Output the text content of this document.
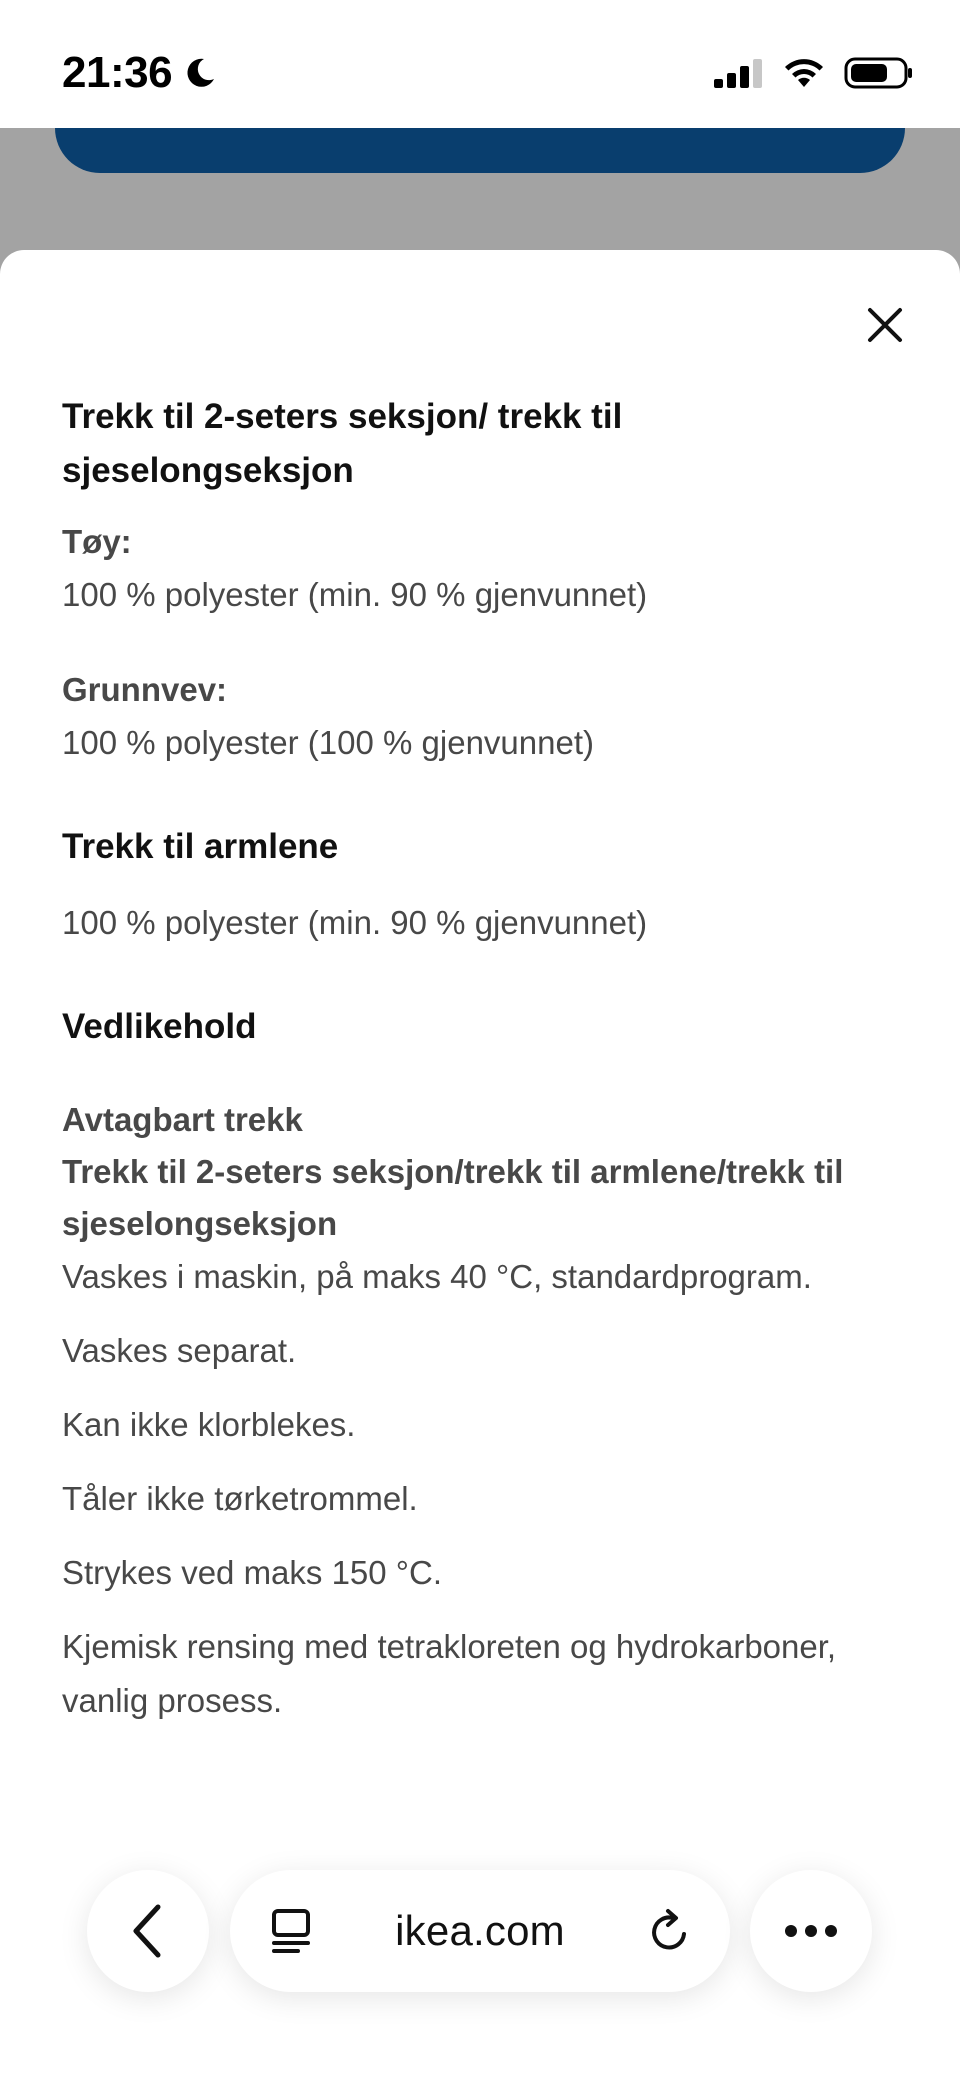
21:36

Trekk til 2-seters seksjon/ trekk til sjeselongseksjon

Tøy:

100 % polyester (min. 90 % gjenvunnet)

Grunnvev:

100 % polyester (100 % gjenvunnet)

Trekk til armlene

100 % polyester (min. 90 % gjenvunnet)

Vedlikehold

Avtagbart trekk

Trekk til 2-seters seksjon/trekk til armlene/trekk til sjeselongseksjon

Vaskes i maskin, på maks 40 °C, standardprogram.

Vaskes separat.

Kan ikke klorblekes.

Tåler ikke tørketrommel.

Strykes ved maks 150 °C.

Kjemisk rensing med tetrakloreten og hydrokarboner, vanlig prosess.

ikea.com
